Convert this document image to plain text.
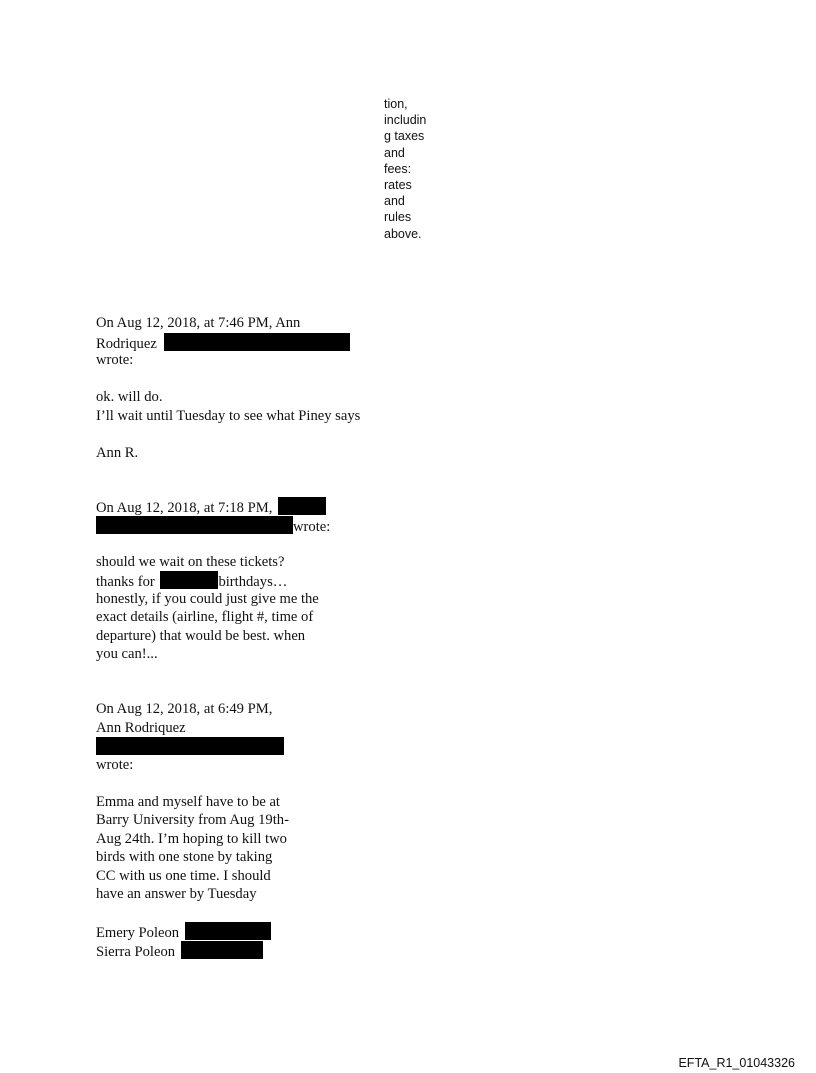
tion,
includin
g taxes
and
fees:
rates
and
rules
above.
On Aug 12, 2018, at 7:46 PM, Ann
Rodriquez
wrote:
ok. will do.
I’ll wait until Tuesday to see what Piney says
Ann R.
On Aug 12, 2018, at 7:18 PM,
wrote:
should we wait on these tickets?
thanks for	birthdays…
honestly, if you could just give me the
exact details (airline, flight #, time of
departure) that would be best. when
you can!...
On Aug 12, 2018, at 6:49 PM,
Ann Rodriquez
wrote:
Emma and myself have to be at
Barry University from Aug 19th-
Aug 24th. I’m hoping to kill two
birds with one stone by taking
CC with us one time. I should
have an answer by Tuesday
Emery Poleon
Sierra Poleon
EFTA_R1_01043326
